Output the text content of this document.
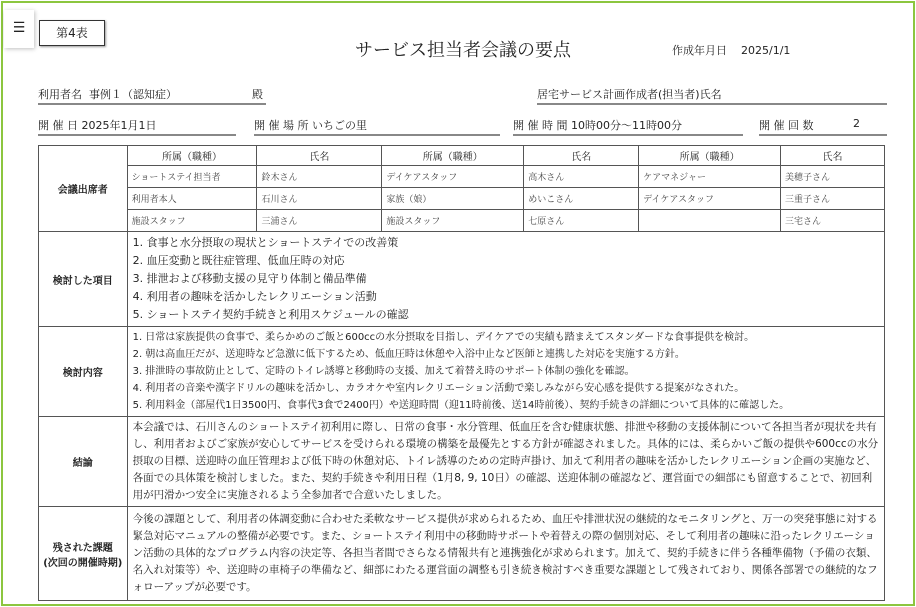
☰	第4表
サービス担当者会議の要点	作成年月日 2025/1/1
利用者名 事例１（認知症）	殿	居宅サービス計画作成者(担当者)氏名
開 催 日 2025年1月1日	開 催 場 所 いちごの里	開 催 時 間 10時00分〜11時00分	開 催 回 数	2
会議出席者	所属（職種）	氏名	所属（職種）	氏名	所属（職種）	氏名
	ショートステイ担当者	鈴木さん	デイケアスタッフ	高木さん	ケアマネジャー	美穂子さん
	利用者本人	石川さん	家族（娘）	めいこさん	デイケアスタッフ	三重子さん
	施設スタッフ	三浦さん	施設スタッフ	七原さん		三宅さん
検討した項目	1. 食事と水分摂取の現状とショートステイでの改善策
2. 血圧変動と既往症管理、低血圧時の対応
3. 排泄および移動支援の見守り体制と備品準備
4. 利用者の趣味を活かしたレクリエーション活動
5. ショートステイ契約手続きと利用スケジュールの確認					

検討内容	1. 日常は家族提供の食事で、柔らかめのご飯と600ccの水分摂取を目指し、デイケアでの実績も踏まえてスタンダードな食事提供を検討。
2. 朝は高血圧だが、送迎時など急激に低下するため、低血圧時は休憩や入浴中止など医師と連携した対応を実施する方針。
3. 排泄時の事故防止として、定時のトイレ誘導と移動時の支援、加えて着替え時のサポート体制の強化を確認。
4. 利用者の音楽や漢字ドリルの趣味を活かし、カラオケや室内レクリエーション活動で楽しみながら安心感を提供する提案がなされた。
5. 利用料金（部屋代1日3500円、食事代3食で2400円）や送迎時間（迎11時前後、送14時前後）、契約手続きの詳細について具体的に確認した。					

結論	本会議では、石川さんのショートステイ初利用に際し、日常の食事・水分管理、低血圧を含む健康状態、排泄や移動の支援体制について各担当者が現状を共有し、利用者およびご家族が安心してサービスを受けられる環境の構築を最優先とする方針が確認されました。具体的には、柔らかいご飯の提供や600ccの水分摂取の目標、送迎時の血圧管理および低下時の休憩対応、トイレ誘導のための定時声掛け、加えて利用者の趣味を活かしたレクリエーション企画の実施など、各面での具体策を検討しました。また、契約手続きや利用日程（1月8, 9, 10日）の確認、送迎体制の確認など、運営面での細部にも留意することで、初回利用が円滑かつ安全に実施されるよう全参加者で合意いたしました。					

残された課題
(次回の開催時期)	今後の課題として、利用者の体調変動に合わせた柔軟なサービス提供が求められるため、血圧や排泄状況の継続的なモニタリングと、万一の突発事態に対する緊急対応マニュアルの整備が必要です。また、ショートステイ利用中の移動時サポートや着替えの際の個別対応、そして利用者の趣味に沿ったレクリエーション活動の具体的なプログラム内容の決定等、各担当者間でさらなる情報共有と連携強化が求められます。加えて、契約手続きに伴う各種準備物（予備の衣類、名入れ対策等）や、送迎時の車椅子の準備など、細部にわたる運営面の調整も引き続き検討すべき重要な課題として残されており、関係各部署での継続的なフォローアップが必要です。					
